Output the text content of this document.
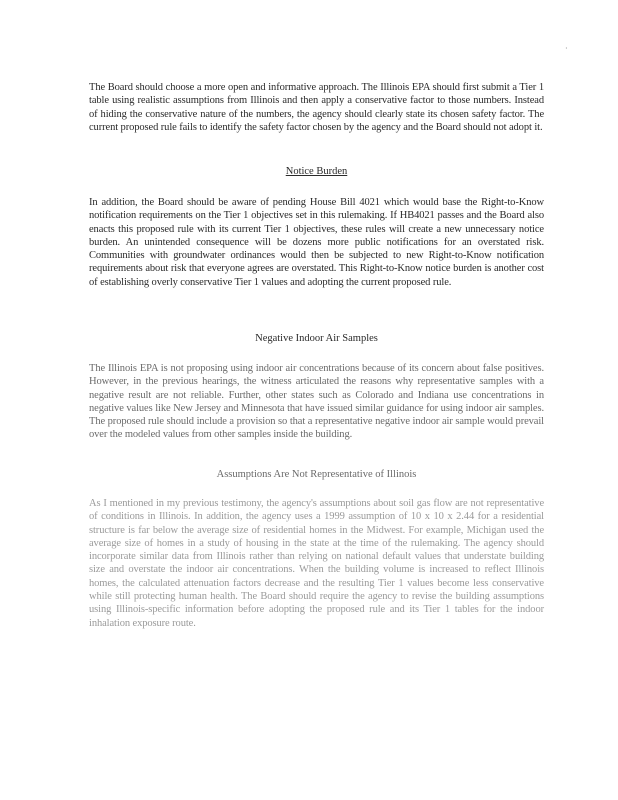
·

The Board should choose a more open and informative approach. The Illinois EPA should first submit a Tier 1 table using realistic assumptions from Illinois and then apply a conservative factor to those numbers. Instead of hiding the conservative nature of the numbers, the agency should clearly state its chosen safety factor. The current proposed rule fails to identify the safety factor chosen by the agency and the Board should not adopt it.

Notice Burden

In addition, the Board should be aware of pending House Bill 4021 which would base the Right-to-Know notification requirements on the Tier 1 objectives set in this rulemaking. If HB4021 passes and the Board also enacts this proposed rule with its current Tier 1 objectives, these rules will create a new unnecessary notice burden. An unintended consequence will be dozens more public notifications for an overstated risk. Communities with groundwater ordinances would then be subjected to new Right-to-Know notification requirements about risk that everyone agrees are overstated. This Right-to-Know notice burden is another cost of establishing overly conservative Tier 1 values and adopting the current proposed rule.

Negative Indoor Air Samples

The Illinois EPA is not proposing using indoor air concentrations because of its concern about false positives. However, in the previous hearings, the witness articulated the reasons why representative samples with a negative result are not reliable. Further, other states such as Colorado and Indiana use concentrations in negative values like New Jersey and Minnesota that have issued similar guidance for using indoor air samples. The proposed rule should include a provision so that a representative negative indoor air sample would prevail over the modeled values from other samples inside the building.

Assumptions Are Not Representative of Illinois

As I mentioned in my previous testimony, the agency's assumptions about soil gas flow are not representative of conditions in Illinois. In addition, the agency uses a 1999 assumption of 10 x 10 x 2.44 for a residential structure is far below the average size of residential homes in the Midwest. For example, Michigan used the average size of homes in a study of housing in the state at the time of the rulemaking. The agency should incorporate similar data from Illinois rather than relying on national default values that understate building size and overstate the indoor air concentrations. When the building volume is increased to reflect Illinois homes, the calculated attenuation factors decrease and the resulting Tier 1 values become less conservative while still protecting human health. The Board should require the agency to revise the building assumptions using Illinois-specific information before adopting the proposed rule and its Tier 1 tables for the indoor inhalation exposure route.
